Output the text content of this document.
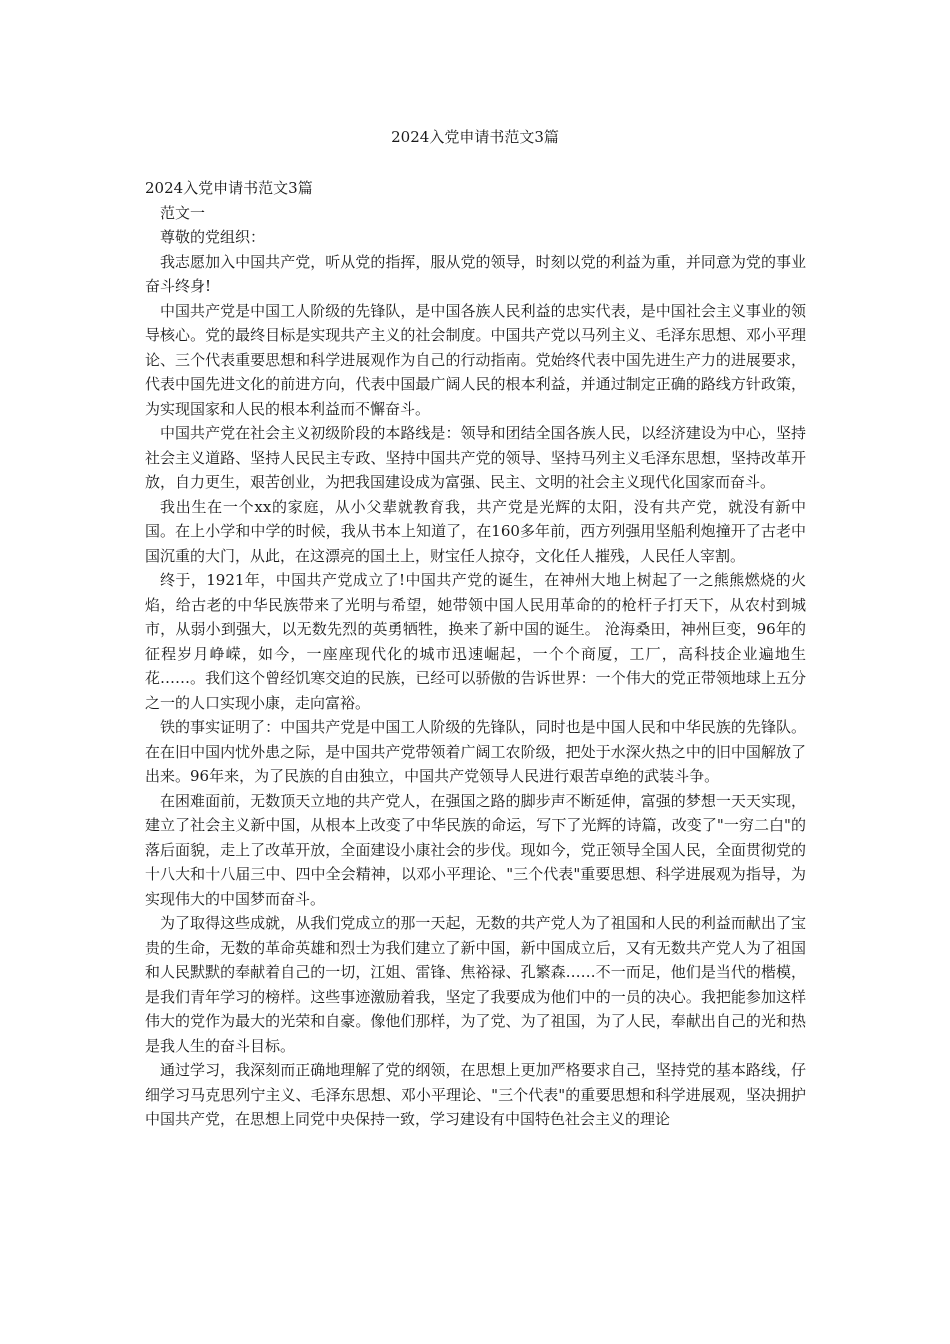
2024入党申请书范文3篇

2024入党申请书范文3篇

范文一

尊敬的党组织：

我志愿加入中国共产党，听从党的指挥，服从党的领导，时刻以党的利益为重，并同意为党的事业奋斗终身!

中国共产党是中国工人阶级的先锋队，是中国各族人民利益的忠实代表，是中国社会主义事业的领导核心。党的最终目标是实现共产主义的社会制度。中国共产党以马列主义、毛泽东思想、邓小平理论、三个代表重要思想和科学进展观作为自己的行动指南。党始终代表中国先进生产力的进展要求，代表中国先进文化的前进方向，代表中国最广阔人民的根本利益，并通过制定正确的路线方针政策，为实现国家和人民的根本利益而不懈奋斗。

中国共产党在社会主义初级阶段的本路线是：领导和团结全国各族人民，以经济建设为中心，坚持社会主义道路、坚持人民民主专政、坚持中国共产党的领导、坚持马列主义毛泽东思想，坚持改革开放，自力更生，艰苦创业，为把我国建设成为富强、民主、文明的社会主义现代化国家而奋斗。

我出生在一个xx的家庭，从小父辈就教育我，共产党是光辉的太阳，没有共产党，就没有新中国。在上小学和中学的时候，我从书本上知道了，在160多年前，西方列强用坚船利炮撞开了古老中国沉重的大门，从此，在这漂亮的国土上，财宝任人掠夺，文化任人摧残，人民任人宰割。

终于，1921年，中国共产党成立了!中国共产党的诞生，在神州大地上树起了一之熊熊燃烧的火焰，给古老的中华民族带来了光明与希望，她带领中国人民用革命的的枪杆子打天下，从农村到城市，从弱小到强大，以无数先烈的英勇牺牲，换来了新中国的诞生。 沧海桑田，神州巨变，96年的征程岁月峥嵘，如今，一座座现代化的城市迅速崛起，一个个商厦，工厂，高科技企业遍地生花……。我们这个曾经饥寒交迫的民族，已经可以骄傲的告诉世界：一个伟大的党正带领地球上五分之一的人口实现小康，走向富裕。

铁的事实证明了：中国共产党是中国工人阶级的先锋队，同时也是中国人民和中华民族的先锋队。在在旧中国内忧外患之际，是中国共产党带领着广阔工农阶级，把处于水深火热之中的旧中国解放了出来。96年来，为了民族的自由独立，中国共产党领导人民进行艰苦卓绝的武装斗争。

在困难面前，无数顶天立地的共产党人，在强国之路的脚步声不断延伸，富强的梦想一天天实现，建立了社会主义新中国，从根本上改变了中华民族的命运，写下了光辉的诗篇，改变了"一穷二白"的落后面貌，走上了改革开放，全面建设小康社会的步伐。现如今，党正领导全国人民，全面贯彻党的十八大和十八届三中、四中全会精神，以邓小平理论、"三个代表"重要思想、科学进展观为指导，为实现伟大的中国梦而奋斗。

为了取得这些成就，从我们党成立的那一天起，无数的共产党人为了祖国和人民的利益而献出了宝贵的生命，无数的革命英雄和烈士为我们建立了新中国，新中国成立后，又有无数共产党人为了祖国和人民默默的奉献着自己的一切，江姐、雷锋、焦裕禄、孔繁森……不一而足，他们是当代的楷模，是我们青年学习的榜样。这些事迹激励着我，坚定了我要成为他们中的一员的决心。我把能参加这样伟大的党作为最大的光荣和自豪。像他们那样，为了党、为了祖国，为了人民，奉献出自己的光和热是我人生的奋斗目标。

通过学习，我深刻而正确地理解了党的纲领，在思想上更加严格要求自己，坚持党的基本路线，仔细学习马克思列宁主义、毛泽东思想、邓小平理论、"三个代表"的重要思想和科学进展观，坚决拥护中国共产党，在思想上同党中央保持一致，学习建设有中国特色社会主义的理论
